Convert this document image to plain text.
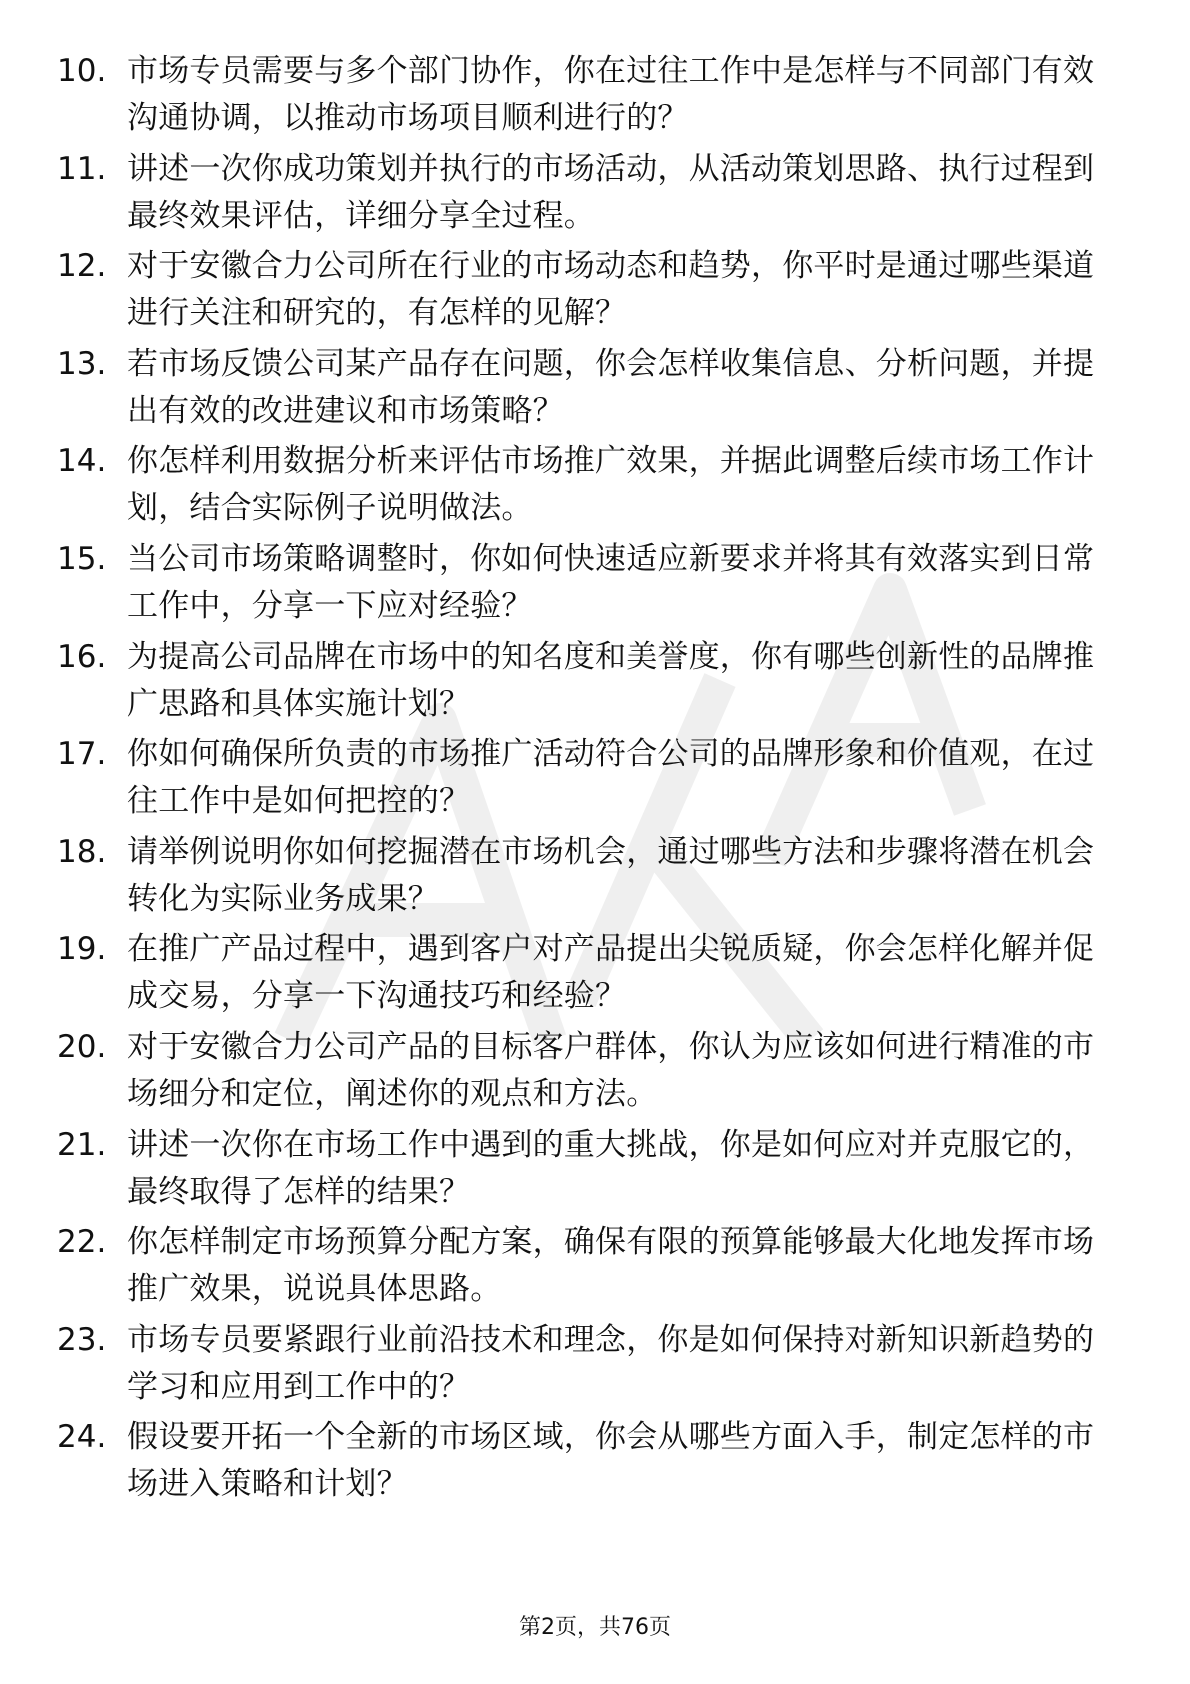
10. 市场专员需要与多个部门协作，你在过往工作中是怎样与不同部门有效沟通协调，以推动市场项目顺利进行的？
11. 讲述一次你成功策划并执行的市场活动，从活动策划思路、执行过程到最终效果评估，详细分享全过程。
12. 对于安徽合力公司所在行业的市场动态和趋势，你平时是通过哪些渠道进行关注和研究的，有怎样的见解？
13. 若市场反馈公司某产品存在问题，你会怎样收集信息、分析问题，并提出有效的改进建议和市场策略？
14. 你怎样利用数据分析来评估市场推广效果，并据此调整后续市场工作计划，结合实际例子说明做法。
15. 当公司市场策略调整时，你如何快速适应新要求并将其有效落实到日常工作中，分享一下应对经验？
16. 为提高公司品牌在市场中的知名度和美誉度，你有哪些创新性的品牌推广思路和具体实施计划？
17. 你如何确保所负责的市场推广活动符合公司的品牌形象和价值观，在过往工作中是如何把控的？
18. 请举例说明你如何挖掘潜在市场机会，通过哪些方法和步骤将潜在机会转化为实际业务成果？
19. 在推广产品过程中，遇到客户对产品提出尖锐质疑，你会怎样化解并促成交易，分享一下沟通技巧和经验？
20. 对于安徽合力公司产品的目标客户群体，你认为应该如何进行精准的市场细分和定位，阐述你的观点和方法。
21. 讲述一次你在市场工作中遇到的重大挑战，你是如何应对并克服它的，最终取得了怎样的结果？
22. 你怎样制定市场预算分配方案，确保有限的预算能够最大化地发挥市场推广效果，说说具体思路。
23. 市场专员要紧跟行业前沿技术和理念，你是如何保持对新知识新趋势的学习和应用到工作中的？
24. 假设要开拓一个全新的市场区域，你会从哪些方面入手，制定怎样的市场进入策略和计划？
第2页，共76页
